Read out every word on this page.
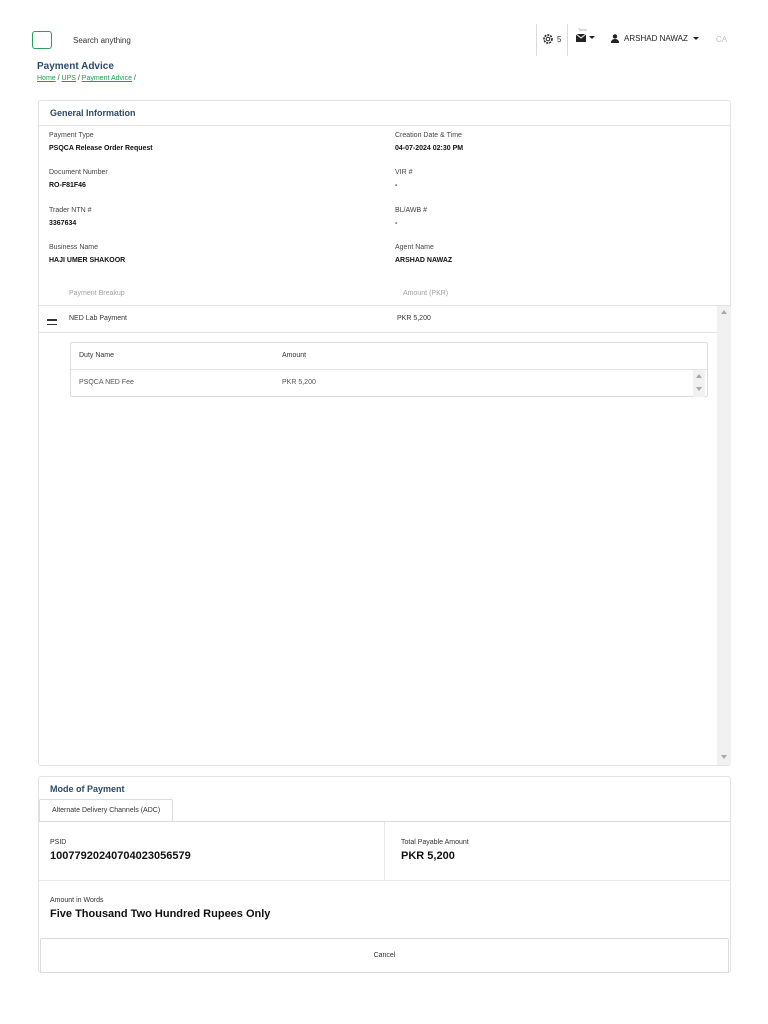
Search anything	5
Time
ARSHAD NAWAZ	CA
Payment Advice
Home / UPS / Payment Advice /
General Information
Payment Type
PSQCA Release Order Request
Creation Date & Time
04-07-2024 02:30 PM
Document Number
RO-F81F46
VIR #
-
Trader NTN #
3367634
BL/AWB #
-
Business Name
HAJI UMER SHAKOOR
Agent Name
ARSHAD NAWAZ
Payment Breakup	Amount (PKR)
NED Lab Payment	PKR 5,200
Duty Name	Amount
PSQCA NED Fee	PKR 5,200
Mode of Payment
Alternate Delivery Channels (ADC)
PSID
10077920240704023056579
Total Payable Amount
PKR 5,200
Amount in Words
Five Thousand Two Hundred Rupees Only
Cancel
